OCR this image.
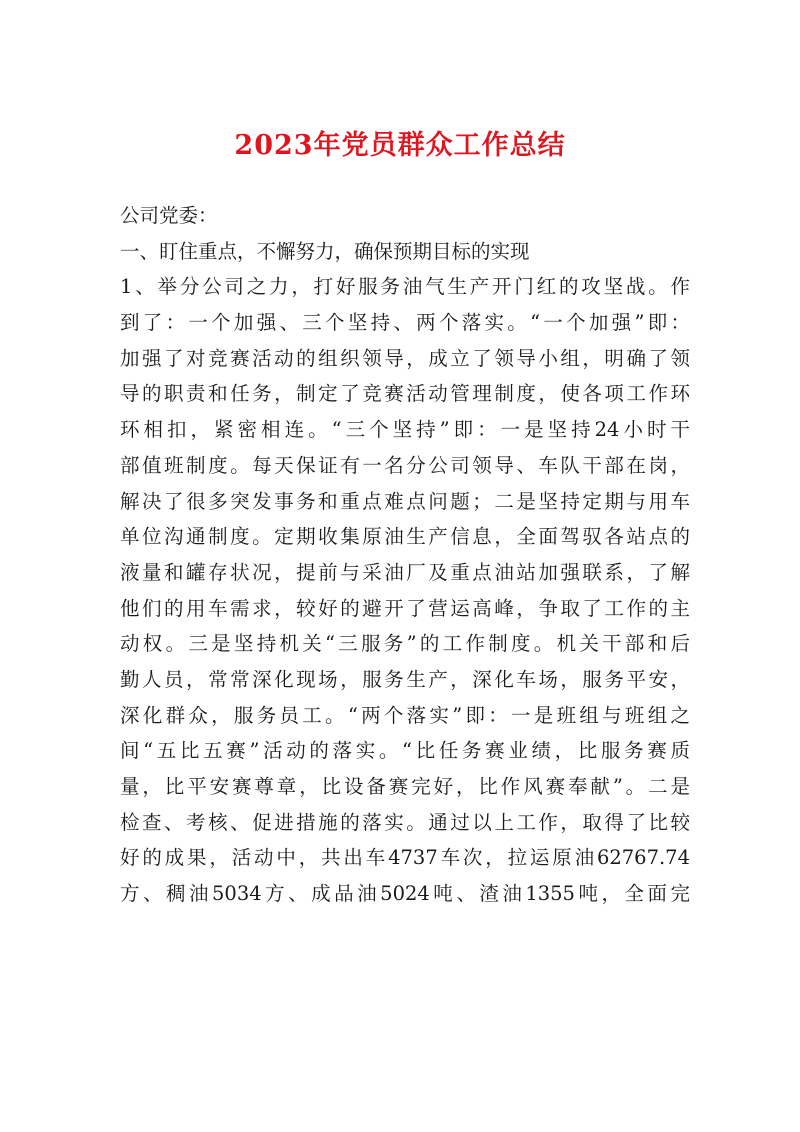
2023年党员群众工作总结
公司党委：
一、盯住重点，不懈努力，确保预期目标的实现
1、举分公司之力，打好服务油气生产开门红的攻坚战。作
到了：一个加强、三个坚持、两个落实。“一个加强”即：
加强了对竞赛活动的组织领导，成立了领导小组，明确了领
导的职责和任务，制定了竞赛活动管理制度，使各项工作环
环相扣，紧密相连。“三个坚持”即：一是坚持24小时干
部值班制度。每天保证有一名分公司领导、车队干部在岗，
解决了很多突发事务和重点难点问题；二是坚持定期与用车
单位沟通制度。定期收集原油生产信息，全面驾驭各站点的
液量和罐存状况，提前与采油厂及重点油站加强联系，了解
他们的用车需求，较好的避开了营运高峰，争取了工作的主
动权。三是坚持机关“三服务”的工作制度。机关干部和后
勤人员，常常深化现场，服务生产，深化车场，服务平安，
深化群众，服务员工。“两个落实”即：一是班组与班组之
间“五比五赛”活动的落实。“比任务赛业绩，比服务赛质
量，比平安赛尊章，比设备赛完好，比作风赛奉献”。二是
检查、考核、促进措施的落实。通过以上工作，取得了比较
好的成果，活动中，共出车4737车次，拉运原油62767.74
方、稠油5034方、成品油5024吨、渣油1355吨，全面完
